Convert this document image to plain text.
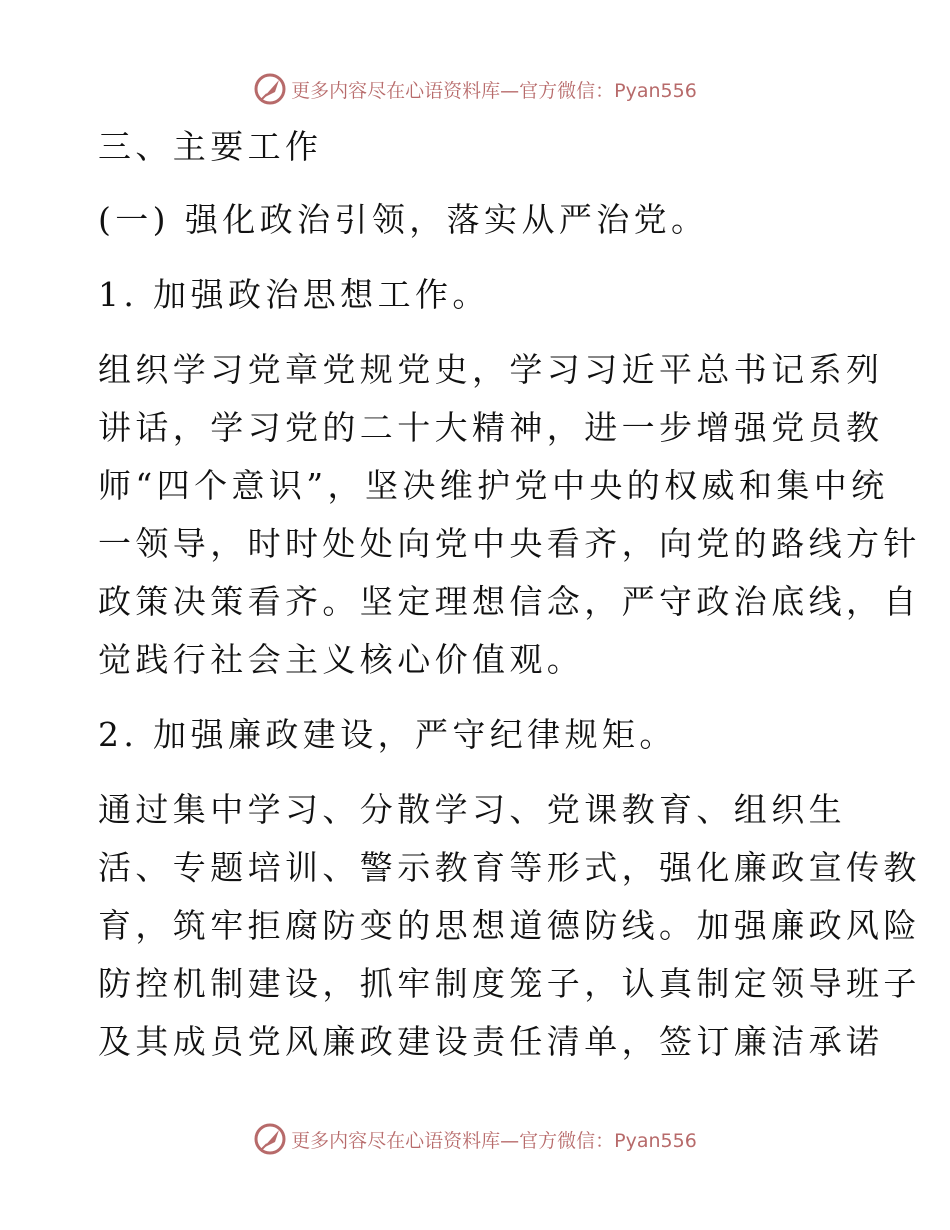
更多内容尽在心语资料库—官方微信：Pyan556
三、主要工作
(一) 强化政治引领，落实从严治党。
1. 加强政治思想工作。
组织学习党章党规党史，学习习近平总书记系列
讲话，学习党的二十大精神，进一步增强党员教
师“四个意识”，坚决维护党中央的权威和集中统
一领导，时时处处向党中央看齐，向党的路线方针
政策决策看齐。坚定理想信念，严守政治底线，自
觉践行社会主义核心价值观。
2. 加强廉政建设，严守纪律规矩。
通过集中学习、分散学习、党课教育、组织生
活、专题培训、警示教育等形式，强化廉政宣传教
育，筑牢拒腐防变的思想道德防线。加强廉政风险
防控机制建设，抓牢制度笼子，认真制定领导班子
及其成员党风廉政建设责任清单，签订廉洁承诺
更多内容尽在心语资料库—官方微信：Pyan556
